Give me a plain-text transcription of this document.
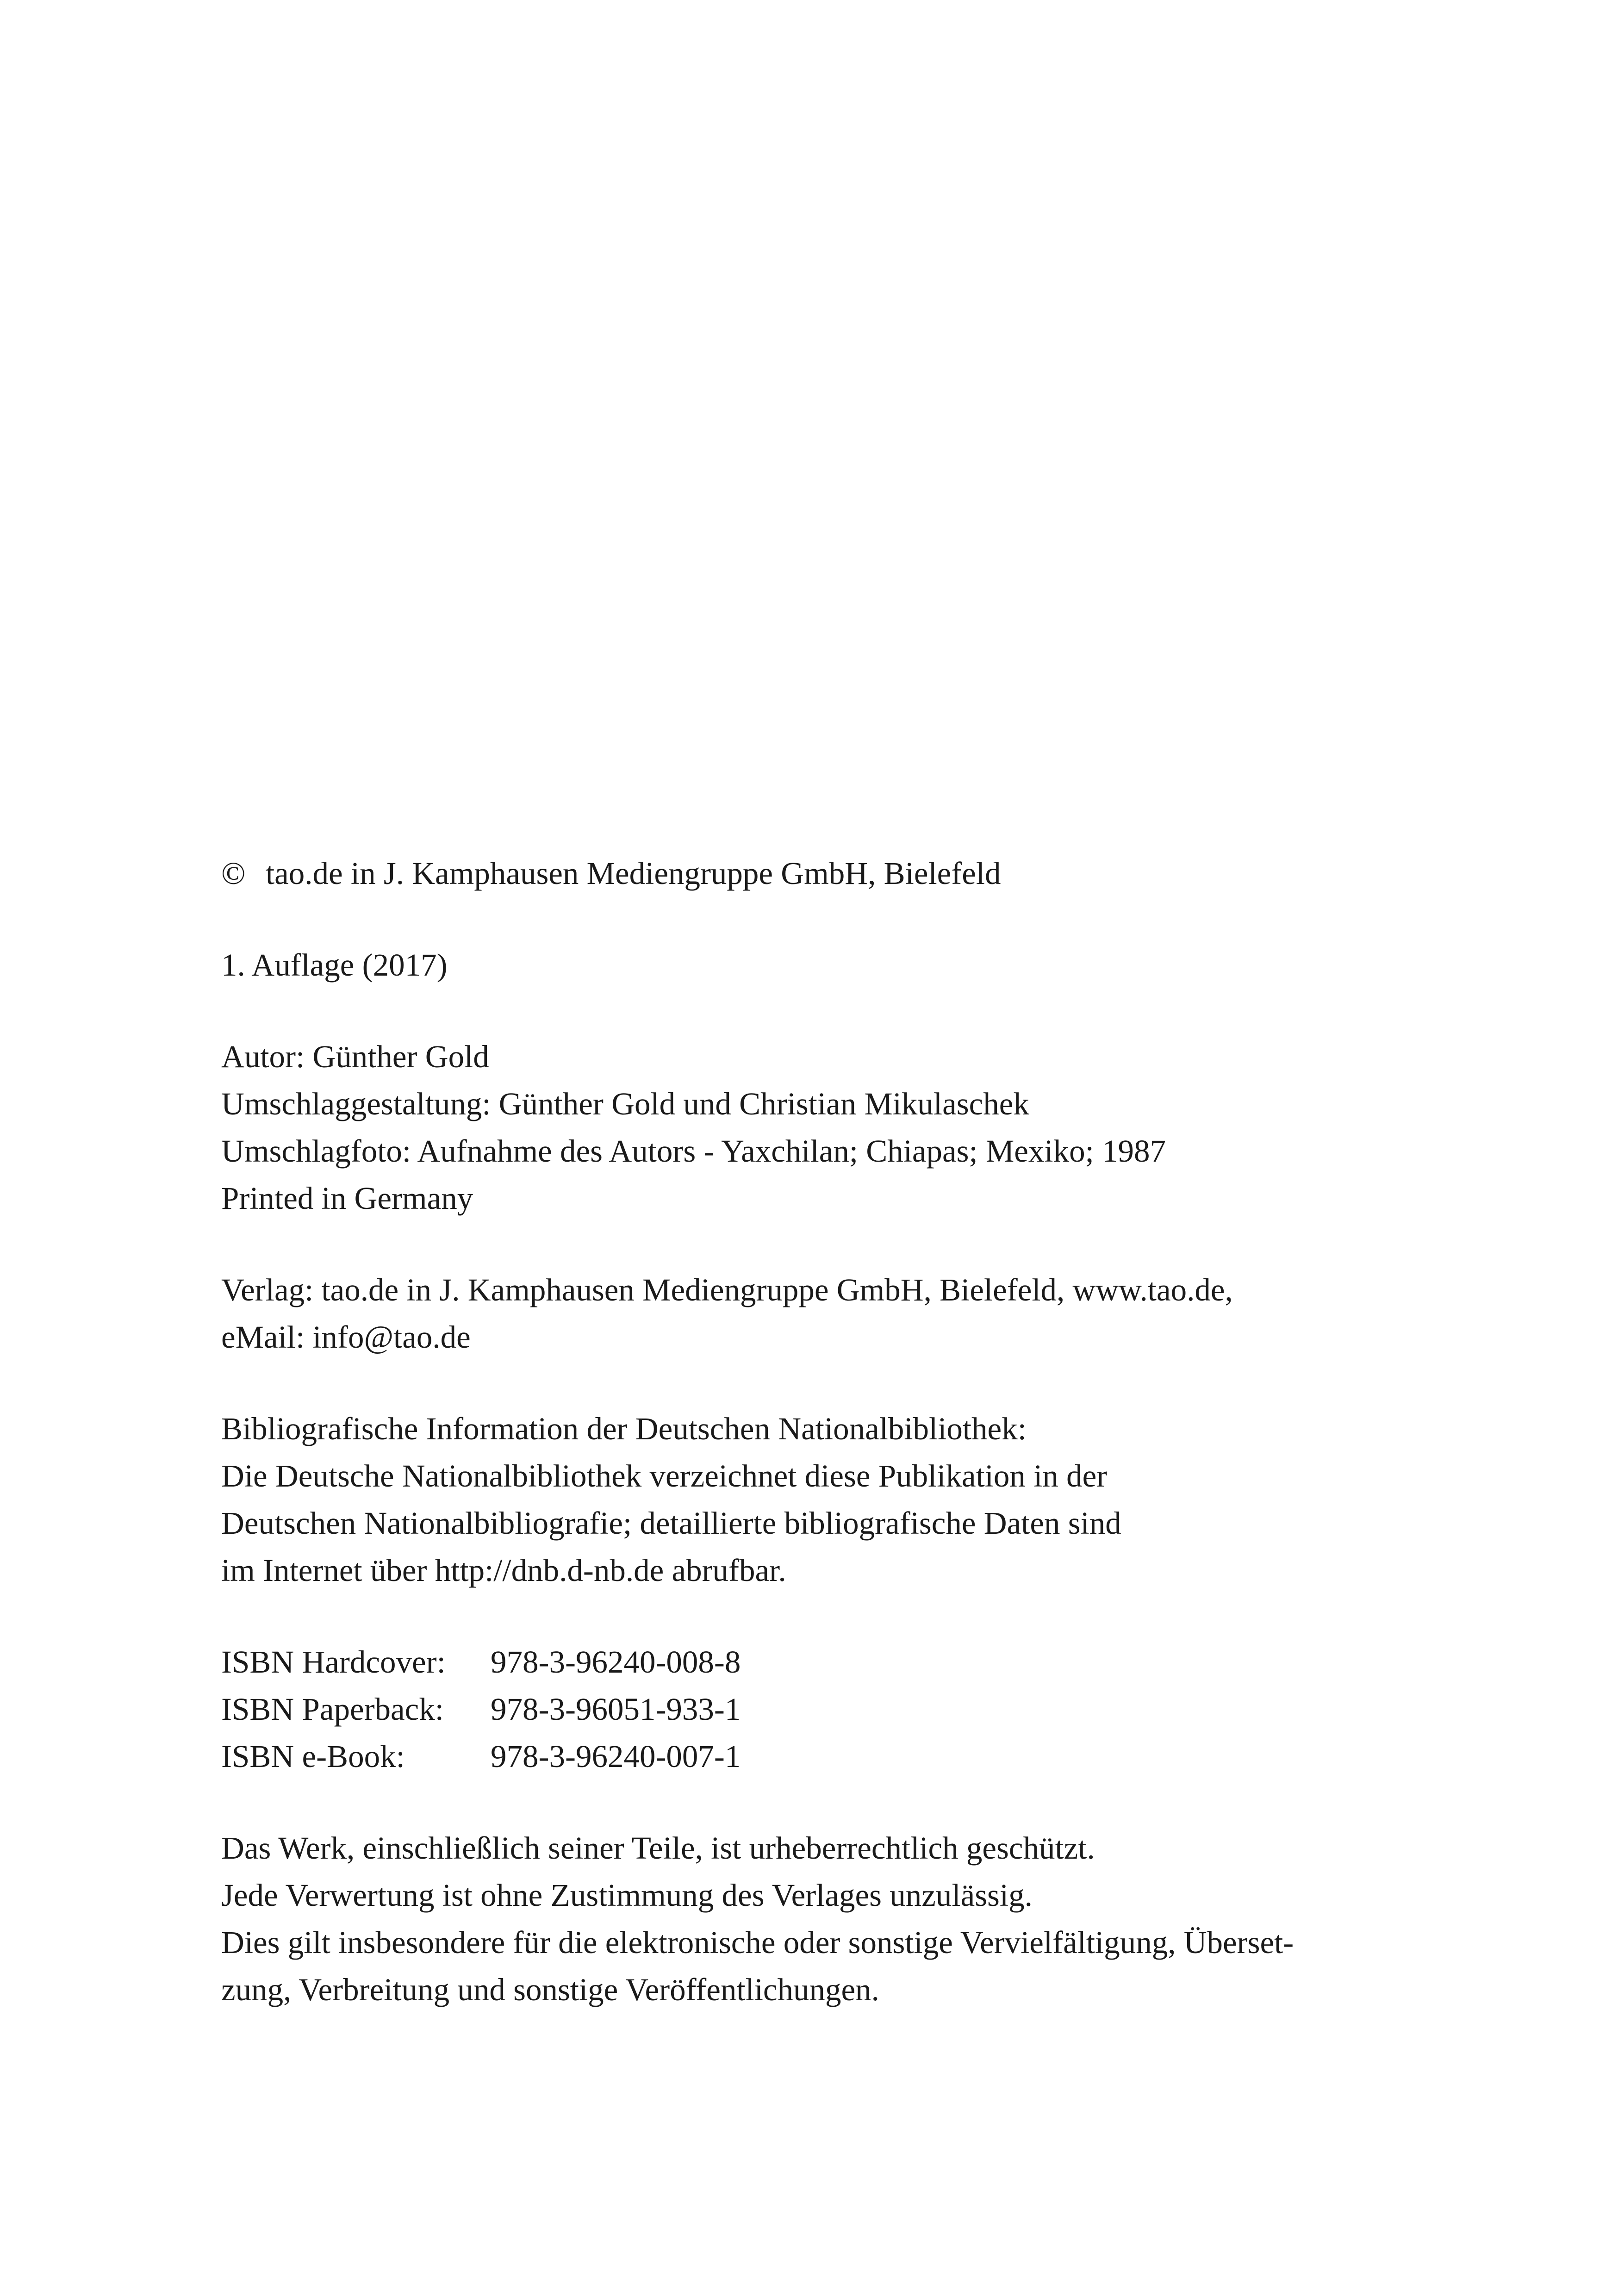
© tao.de in J. Kamphausen Mediengruppe GmbH, Bielefeld
1. Auflage (2017)
Autor: Günther Gold
Umschlaggestaltung: Günther Gold und Christian Mikulaschek
Umschlagfoto: Aufnahme des Autors - Yaxchilan; Chiapas; Mexiko; 1987
Printed in Germany
Verlag: tao.de in J. Kamphausen Mediengruppe GmbH, Bielefeld, www.tao.de,
eMail: info@tao.de
Bibliografische Information der Deutschen Nationalbibliothek:
Die Deutsche Nationalbibliothek verzeichnet diese Publikation in der
Deutschen Nationalbibliografie; detaillierte bibliografische Daten sind
im Internet über http://dnb.d-nb.de abrufbar.
ISBN Hardcover:	978-3-96240-008-8
ISBN Paperback:	978-3-96051-933-1
ISBN e-Book:	978-3-96240-007-1
Das Werk, einschließlich seiner Teile, ist urheberrechtlich geschützt.
Jede Verwertung ist ohne Zustimmung des Verlages unzulässig.
Dies gilt insbesondere für die elektronische oder sonstige Vervielfältigung, Überset-
zung, Verbreitung und sonstige Veröffentlichungen.
